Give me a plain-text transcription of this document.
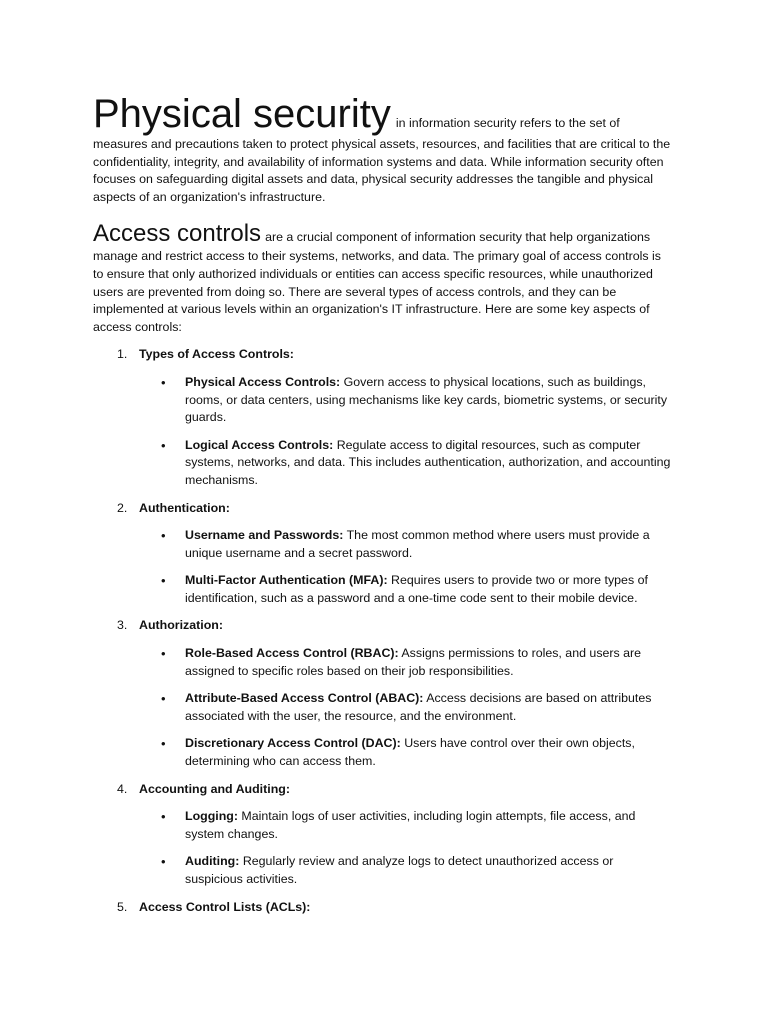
Physical security in information security refers to the set of measures and precautions taken to protect physical assets, resources, and facilities that are critical to the confidentiality, integrity, and availability of information systems and data. While information security often focuses on safeguarding digital assets and data, physical security addresses the tangible and physical aspects of an organization's infrastructure.

Access controls are a crucial component of information security that help organizations manage and restrict access to their systems, networks, and data. The primary goal of access controls is to ensure that only authorized individuals or entities can access specific resources, while unauthorized users are prevented from doing so. There are several types of access controls, and they can be implemented at various levels within an organization's IT infrastructure. Here are some key aspects of access controls:

1. Types of Access Controls:
• Physical Access Controls: Govern access to physical locations, such as buildings, rooms, or data centers, using mechanisms like key cards, biometric systems, or security guards.
• Logical Access Controls: Regulate access to digital resources, such as computer systems, networks, and data. This includes authentication, authorization, and accounting mechanisms.
2. Authentication:
• Username and Passwords: The most common method where users must provide a unique username and a secret password.
• Multi-Factor Authentication (MFA): Requires users to provide two or more types of identification, such as a password and a one-time code sent to their mobile device.
3. Authorization:
• Role-Based Access Control (RBAC): Assigns permissions to roles, and users are assigned to specific roles based on their job responsibilities.
• Attribute-Based Access Control (ABAC): Access decisions are based on attributes associated with the user, the resource, and the environment.
• Discretionary Access Control (DAC): Users have control over their own objects, determining who can access them.
4. Accounting and Auditing:
• Logging: Maintain logs of user activities, including login attempts, file access, and system changes.
• Auditing: Regularly review and analyze logs to detect unauthorized access or suspicious activities.
5. Access Control Lists (ACLs):
